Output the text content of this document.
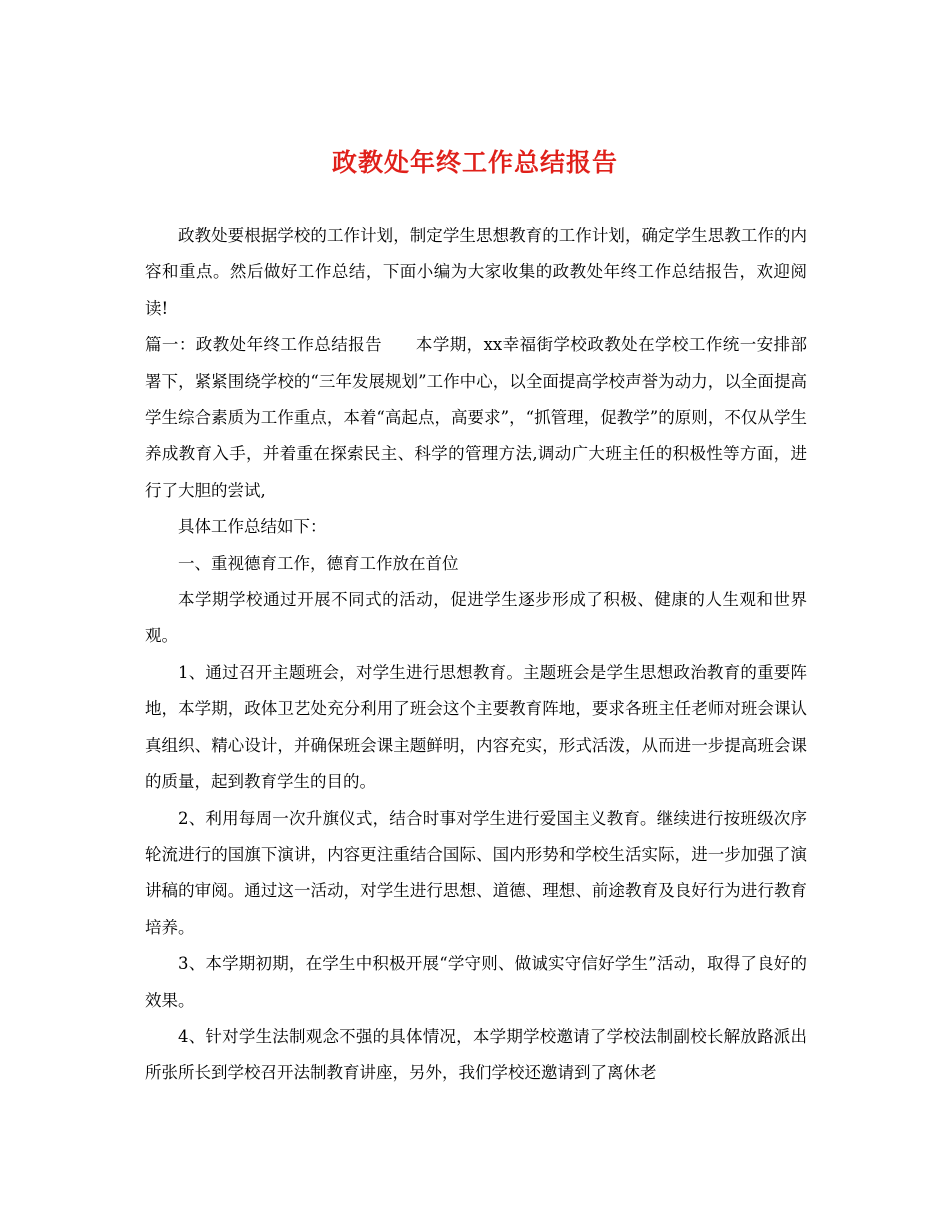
政教处年终工作总结报告

政教处要根据学校的工作计划，制定学生思想教育的工作计划，确定学生思教工作的内容和重点。然后做好工作总结，下面小编为大家收集的政教处年终工作总结报告，欢迎阅读!

篇一：政教处年终工作总结报告　　本学期，xx幸福街学校政教处在学校工作统一安排部署下，紧紧围绕学校的“三年发展规划”工作中心，以全面提高学校声誉为动力，以全面提高学生综合素质为工作重点，本着“高起点，高要求”，“抓管理，促教学”的原则，不仅从学生养成教育入手，并着重在探索民主、科学的管理方法,调动广大班主任的积极性等方面，进行了大胆的尝试,

具体工作总结如下：

一、重视德育工作，德育工作放在首位

本学期学校通过开展不同式的活动，促进学生逐步形成了积极、健康的人生观和世界观。

1、通过召开主题班会，对学生进行思想教育。主题班会是学生思想政治教育的重要阵地，本学期，政体卫艺处充分利用了班会这个主要教育阵地，要求各班主任老师对班会课认真组织、精心设计，并确保班会课主题鲜明，内容充实，形式活泼，从而进一步提高班会课的质量，起到教育学生的目的。

2、利用每周一次升旗仪式，结合时事对学生进行爱国主义教育。继续进行按班级次序轮流进行的国旗下演讲，内容更注重结合国际、国内形势和学校生活实际，进一步加强了演讲稿的审阅。通过这一活动，对学生进行思想、道德、理想、前途教育及良好行为进行教育培养。

3、本学期初期，在学生中积极开展“学守则、做诚实守信好学生”活动，取得了良好的效果。

4、针对学生法制观念不强的具体情况，本学期学校邀请了学校法制副校长解放路派出所张所长到学校召开法制教育讲座，另外，我们学校还邀请到了离休老
